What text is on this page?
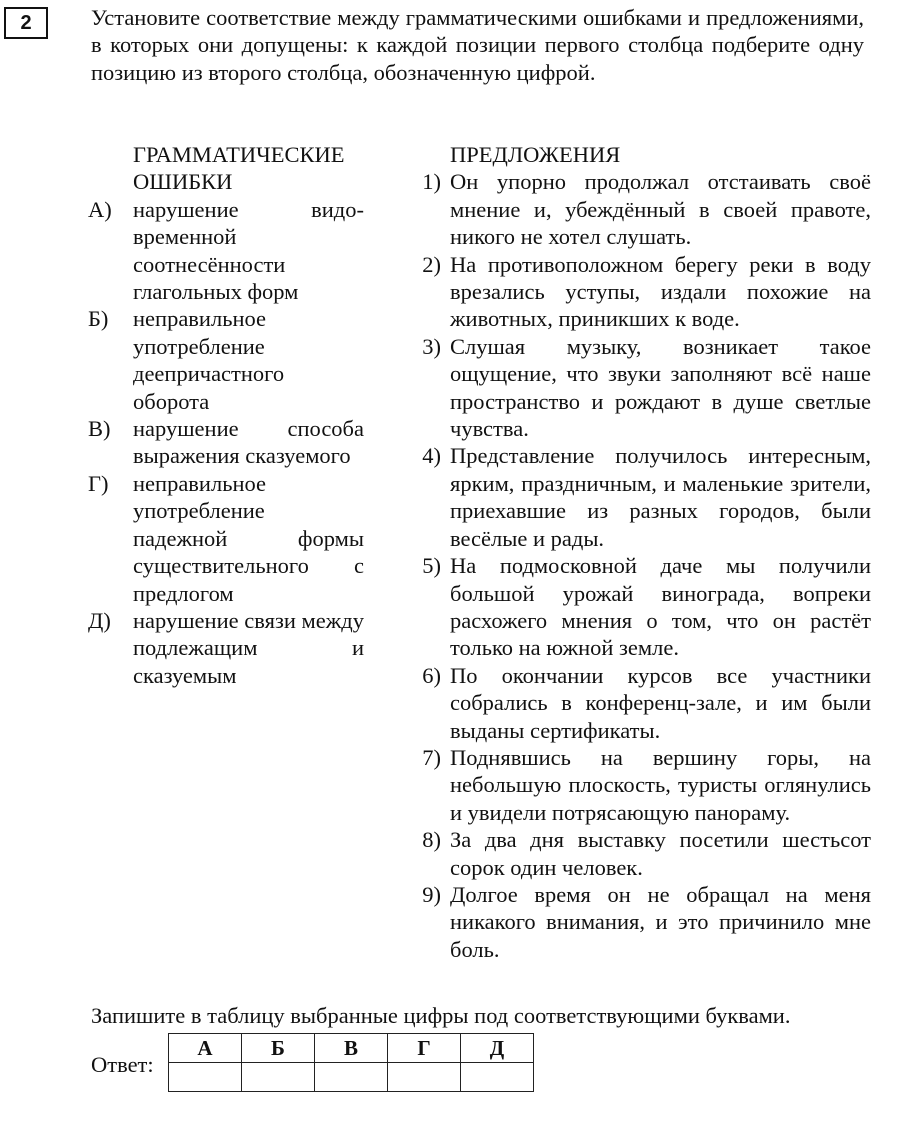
2	Установите соответствие между грамматическими ошибками и предложениями, в которых они допущены: к каждой позиции первого столбца подберите одну позицию из второго столбца, обозначенную цифрой.

ГРАММАТИЧЕСКИЕ
ОШИБКИ
А) нарушение видо-временной соотнесённости глагольных форм
Б)	неправильное употребление деепричастного оборота
В)	нарушение способа выражения сказуемого
Г)	неправильное употребление падежной формы существительного с предлогом
Д) нарушение связи между подлежащим и сказуемым
ПРЕДЛОЖЕНИЯ
1) Он упорно продолжал отстаивать своё мнение и, убеждённый в своей правоте, никого не хотел слушать.
2) На противоположном берегу реки в воду врезались уступы, издали похожие на животных, приникших к воде.
3) Слушая музыку, возникает такое ощущение, что звуки заполняют всё наше пространство и рождают в душе светлые чувства.
4) Представление получилось интересным, ярким, праздничным, и маленькие зрители, приехавшие из разных городов, были весёлые и рады.
5) На подмосковной даче мы получили большой урожай винограда, вопреки расхожего мнения о том, что он растёт только на южной земле.
6) По окончании курсов все участники собрались в конференц-зале, и им были выданы сертификаты.
7) Поднявшись на вершину горы, на небольшую плоскость, туристы оглянулись и увидели потрясающую панораму.
8) За два дня выставку посетили шестьсот сорок один человек.
9) Долгое время он не обращал на меня никакого внимания, и это причинило мне боль.

Запишите в таблицу выбранные цифры под соответствующими буквами.

Ответ:
А	Б	В	Г	Д
